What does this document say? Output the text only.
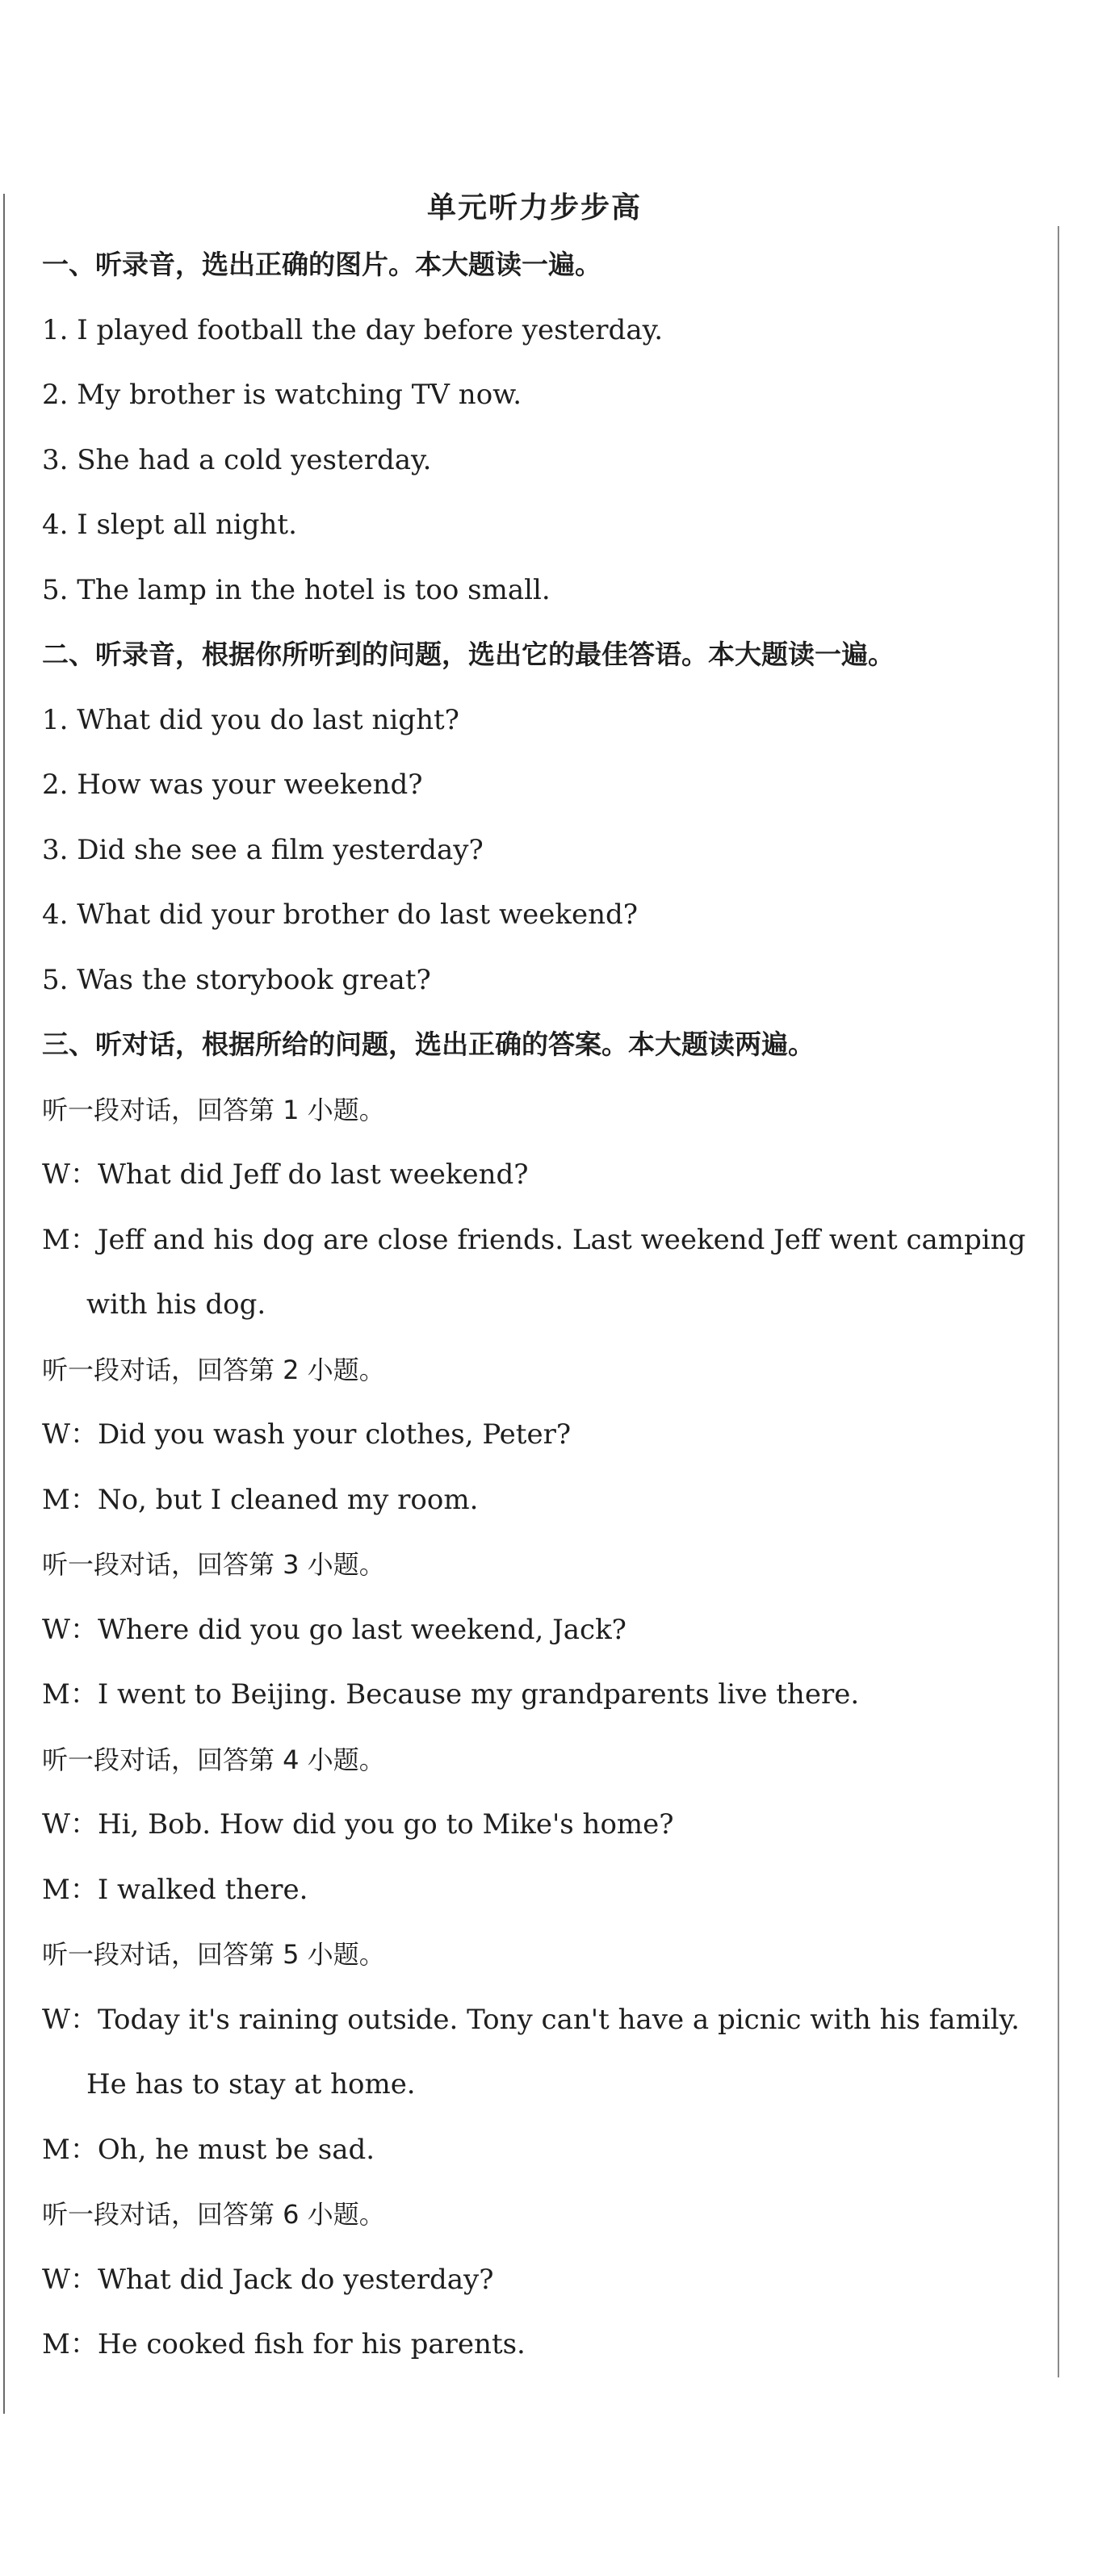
单元听力步步高
一、听录音，选出正确的图片。本大题读一遍。
1. I played football the day before yesterday.
2. My brother is watching TV now.
3. She had a cold yesterday.
4. I slept all night.
5. The lamp in the hotel is too small.
二、听录音，根据你所听到的问题，选出它的最佳答语。本大题读一遍。
1. What did you do last night?
2. How was your weekend?
3. Did she see a film yesterday?
4. What did your brother do last weekend?
5. Was the storybook great?
三、听对话，根据所给的问题，选出正确的答案。本大题读两遍。
听一段对话，回答第 1 小题。
W：What did Jeff do last weekend?
M：Jeff and his dog are close friends. Last weekend Jeff went camping
with his dog.
听一段对话，回答第 2 小题。
W：Did you wash your clothes, Peter?
M：No, but I cleaned my room.
听一段对话，回答第 3 小题。
W：Where did you go last weekend, Jack?
M：I went to Beijing. Because my grandparents live there.
听一段对话，回答第 4 小题。
W：Hi, Bob. How did you go to Mike's home?
M：I walked there.
听一段对话，回答第 5 小题。
W：Today it's raining outside. Tony can't have a picnic with his family.
He has to stay at home.
M：Oh, he must be sad.
听一段对话，回答第 6 小题。
W：What did Jack do yesterday?
M：He cooked fish for his parents.
